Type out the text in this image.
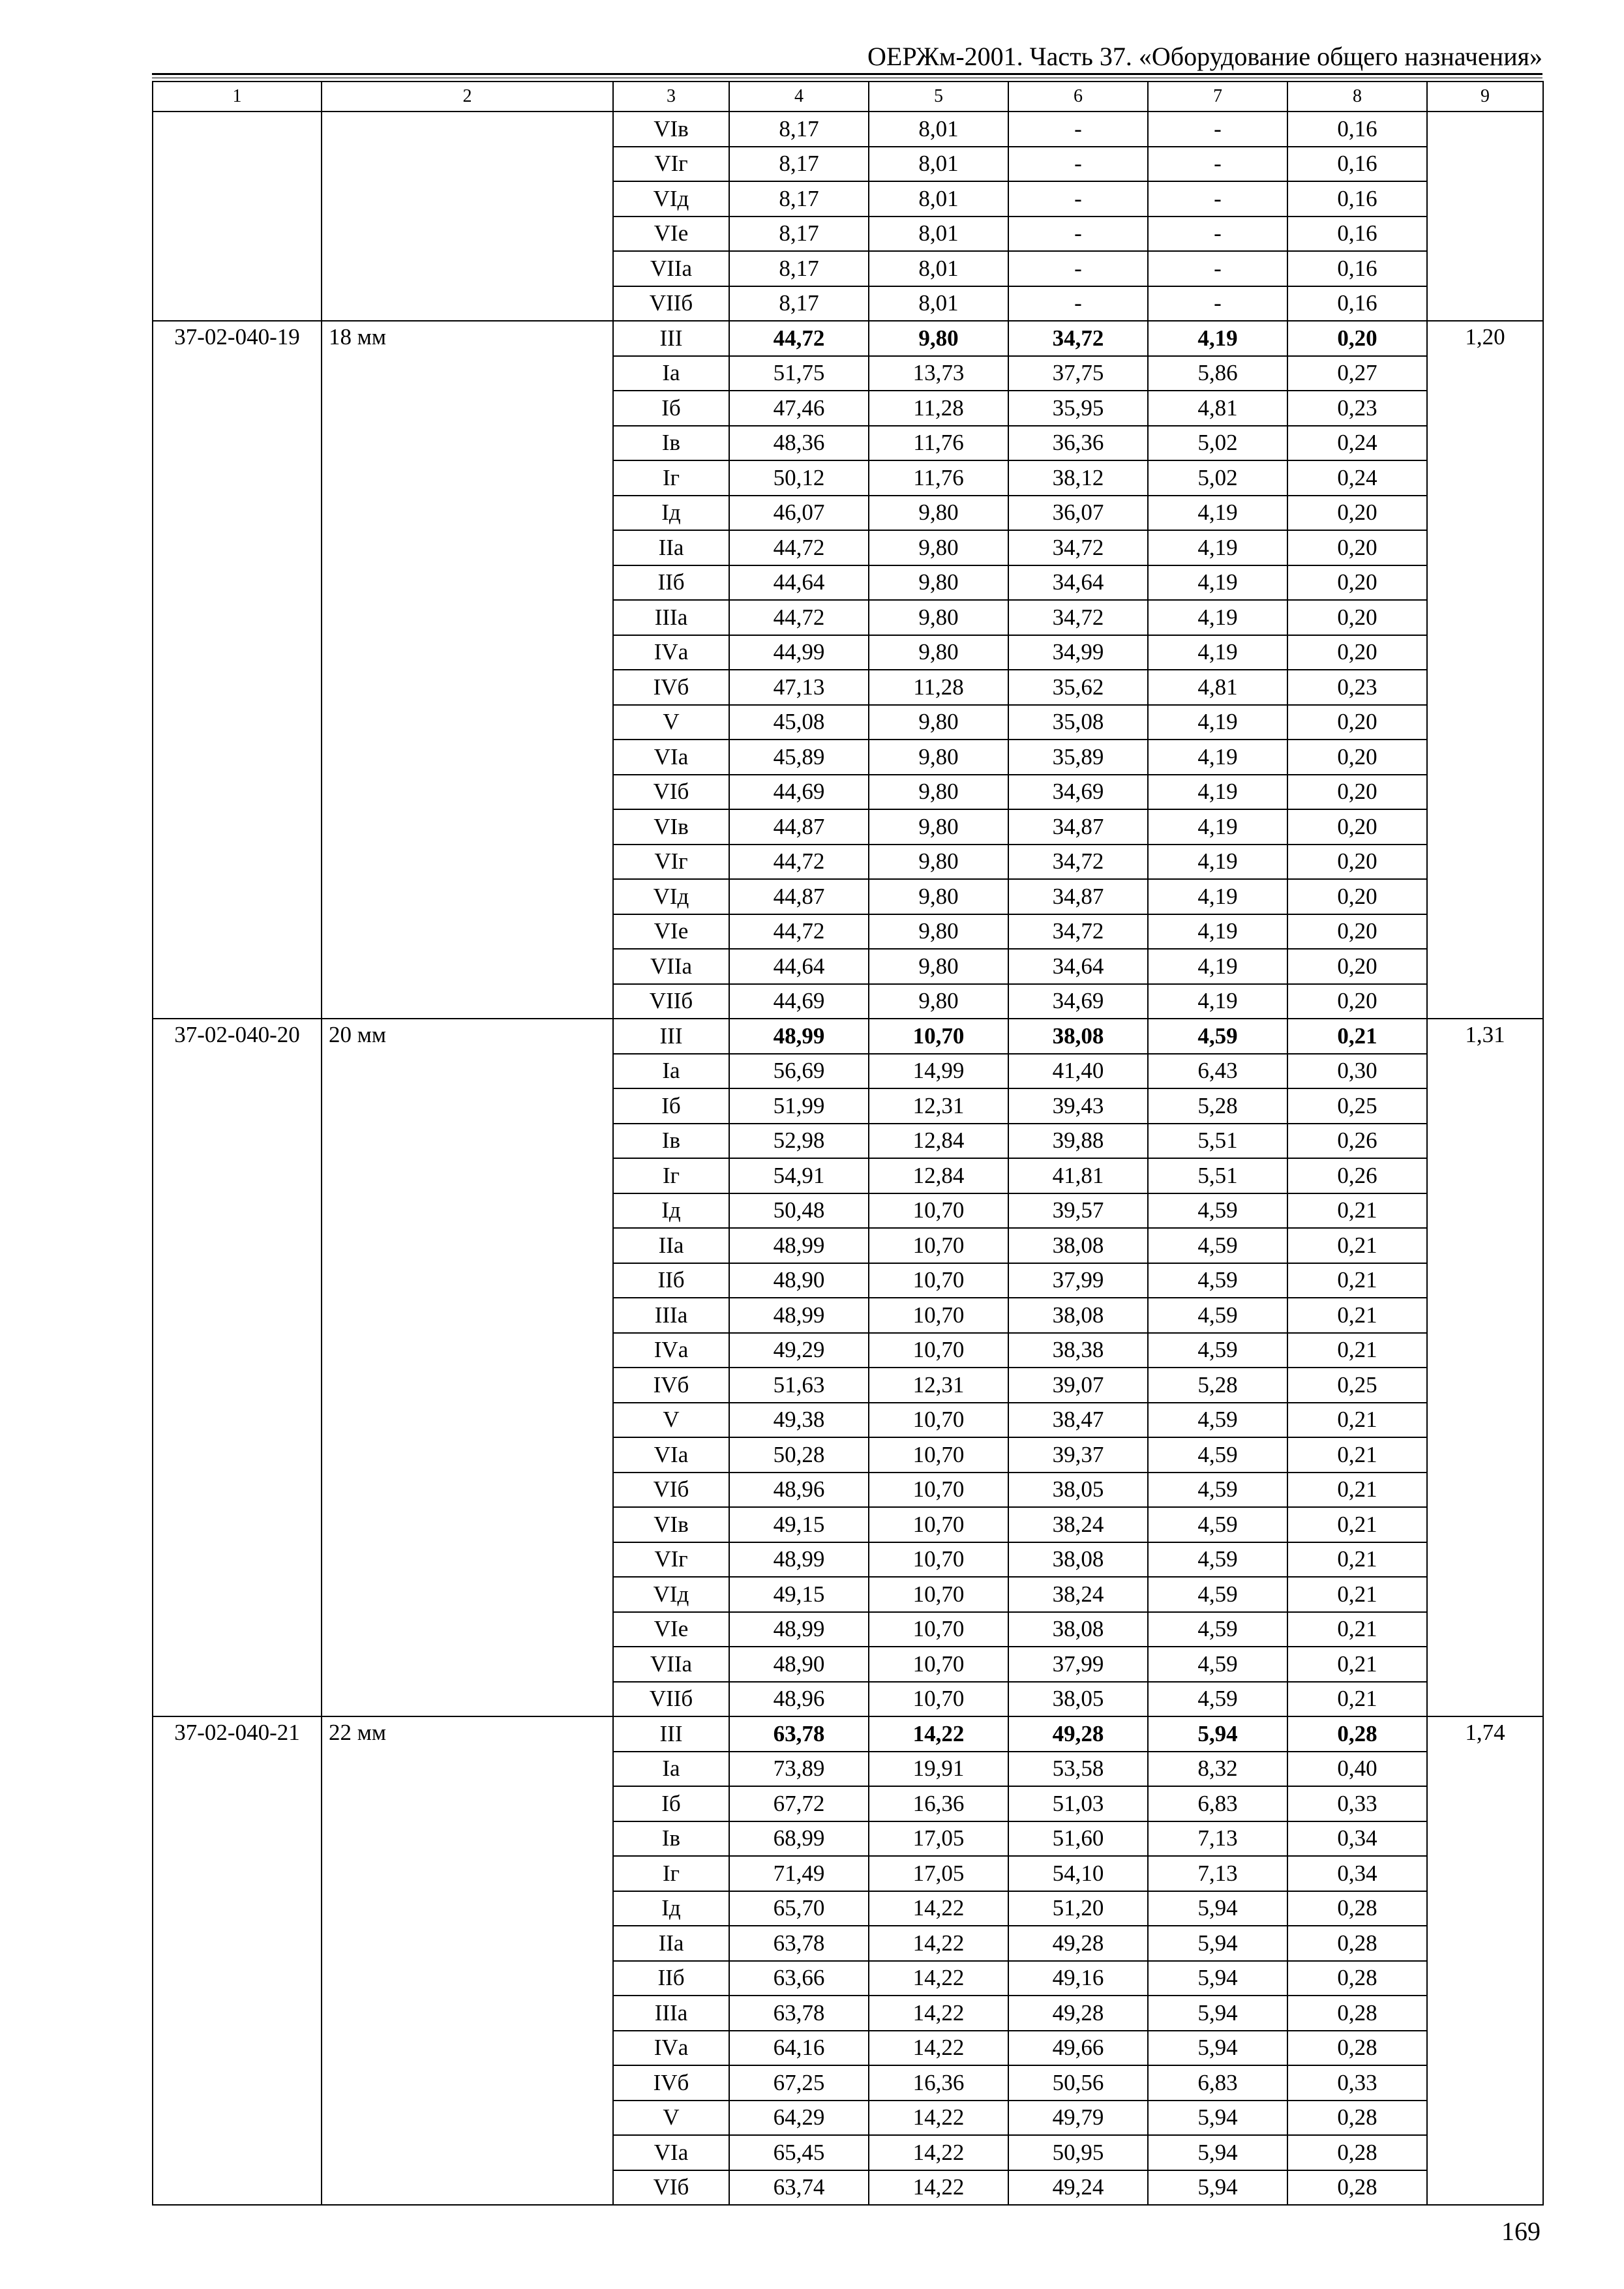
ОЕРЖм-2001. Часть 37. «Оборудование общего назначения»
1	2	3	4	5	6	7	8	9
		VIв	8,17	8,01	-	-	0,16	
		VIг	8,17	8,01	-	-	0,16	
		VIд	8,17	8,01	-	-	0,16	
		VIе	8,17	8,01	-	-	0,16	
		VIIа	8,17	8,01	-	-	0,16	
		VIIб	8,17	8,01	-	-	0,16	
37-02-040-19	18 мм	III	44,72	9,80	34,72	4,19	0,20	1,20
		Iа	51,75	13,73	37,75	5,86	0,27	
		Iб	47,46	11,28	35,95	4,81	0,23	
		Iв	48,36	11,76	36,36	5,02	0,24	
		Iг	50,12	11,76	38,12	5,02	0,24	
		Iд	46,07	9,80	36,07	4,19	0,20	
		IIа	44,72	9,80	34,72	4,19	0,20	
		IIб	44,64	9,80	34,64	4,19	0,20	
		IIIа	44,72	9,80	34,72	4,19	0,20	
		IVа	44,99	9,80	34,99	4,19	0,20	
		IVб	47,13	11,28	35,62	4,81	0,23	
		V	45,08	9,80	35,08	4,19	0,20	
		VIа	45,89	9,80	35,89	4,19	0,20	
		VIб	44,69	9,80	34,69	4,19	0,20	
		VIв	44,87	9,80	34,87	4,19	0,20	
		VIг	44,72	9,80	34,72	4,19	0,20	
		VIд	44,87	9,80	34,87	4,19	0,20	
		VIе	44,72	9,80	34,72	4,19	0,20	
		VIIа	44,64	9,80	34,64	4,19	0,20	
		VIIб	44,69	9,80	34,69	4,19	0,20	
37-02-040-20	20 мм	III	48,99	10,70	38,08	4,59	0,21	1,31
		Iа	56,69	14,99	41,40	6,43	0,30	
		Iб	51,99	12,31	39,43	5,28	0,25	
		Iв	52,98	12,84	39,88	5,51	0,26	
		Iг	54,91	12,84	41,81	5,51	0,26	
		Iд	50,48	10,70	39,57	4,59	0,21	
		IIа	48,99	10,70	38,08	4,59	0,21	
		IIб	48,90	10,70	37,99	4,59	0,21	
		IIIа	48,99	10,70	38,08	4,59	0,21	
		IVа	49,29	10,70	38,38	4,59	0,21	
		IVб	51,63	12,31	39,07	5,28	0,25	
		V	49,38	10,70	38,47	4,59	0,21	
		VIа	50,28	10,70	39,37	4,59	0,21	
		VIб	48,96	10,70	38,05	4,59	0,21	
		VIв	49,15	10,70	38,24	4,59	0,21	
		VIг	48,99	10,70	38,08	4,59	0,21	
		VIд	49,15	10,70	38,24	4,59	0,21	
		VIе	48,99	10,70	38,08	4,59	0,21	
		VIIа	48,90	10,70	37,99	4,59	0,21	
		VIIб	48,96	10,70	38,05	4,59	0,21	
37-02-040-21	22 мм	III	63,78	14,22	49,28	5,94	0,28	1,74
		Iа	73,89	19,91	53,58	8,32	0,40	
		Iб	67,72	16,36	51,03	6,83	0,33	
		Iв	68,99	17,05	51,60	7,13	0,34	
		Iг	71,49	17,05	54,10	7,13	0,34	
		Iд	65,70	14,22	51,20	5,94	0,28	
		IIа	63,78	14,22	49,28	5,94	0,28	
		IIб	63,66	14,22	49,16	5,94	0,28	
		IIIа	63,78	14,22	49,28	5,94	0,28	
		IVа	64,16	14,22	49,66	5,94	0,28	
		IVб	67,25	16,36	50,56	6,83	0,33	
		V	64,29	14,22	49,79	5,94	0,28	
		VIа	65,45	14,22	50,95	5,94	0,28	
		VIб	63,74	14,22	49,24	5,94	0,28	
169
